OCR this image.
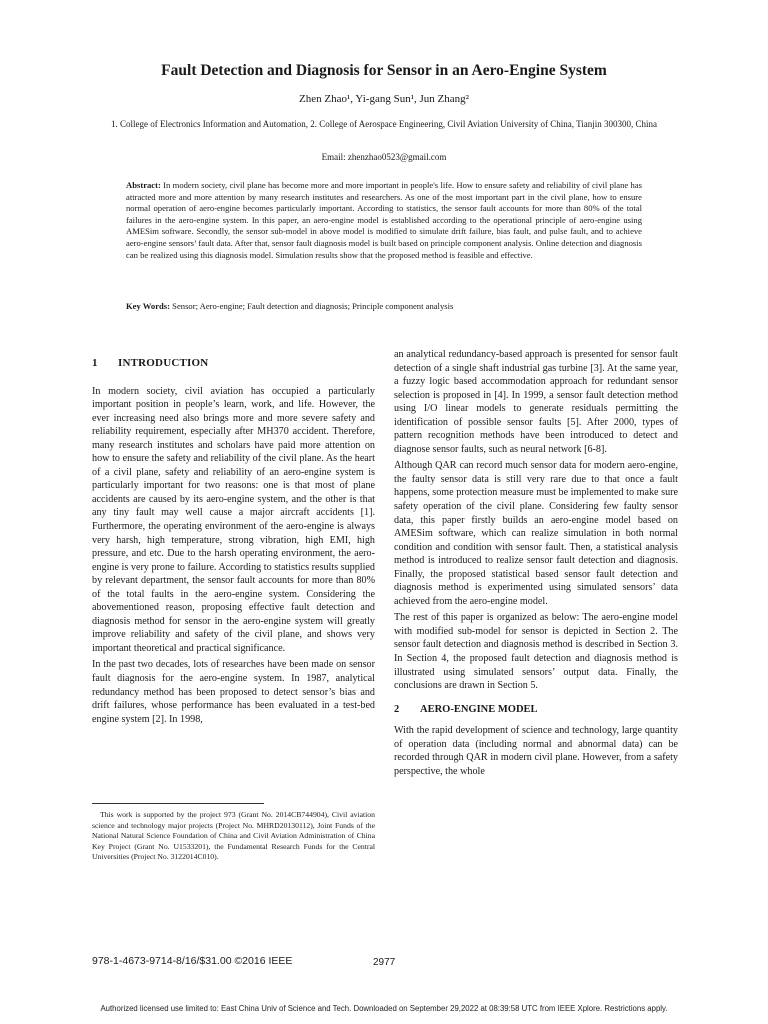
Fault Detection and Diagnosis for Sensor in an Aero-Engine System
Zhen Zhao¹, Yi-gang Sun¹, Jun Zhang²
1. College of Electronics Information and Automation, 2. College of Aerospace Engineering, Civil Aviation University of China, Tianjin 300300, China
Email: zhenzhao0523@gmail.com
Abstract: In modern society, civil plane has become more and more important in people's life. How to ensure safety and reliability of civil plane has attracted more and more attention by many research institutes and researchers. As one of the most important part in the civil plane, how to ensure normal operation of aero-engine becomes particularly important. According to statistics, the sensor fault accounts for more than 80% of the total failures in the aero-engine system. In this paper, an aero-engine model is established according to the operational principle of aero-engine using AMESim software. Secondly, the sensor sub-model in above model is modified to simulate drift failure, bias fault, and pulse fault, and to achieve aero-engine sensors’ fault data. After that, sensor fault diagnosis model is built based on principle component analysis. Online detection and diagnosis can be realized using this diagnosis model. Simulation results show that the proposed method is feasible and effective.
Key Words: Sensor; Aero-engine; Fault detection and diagnosis; Principle component analysis
1 INTRODUCTION

In modern society, civil aviation has occupied a particularly important position in people’s learn, work, and life. However, the ever increasing need also brings more and more severe safety and reliability requirement, especially after MH370 accident. Therefore, many research institutes and scholars have paid more attention on how to ensure the safety and reliability of the civil plane. As the heart of a civil plane, safety and reliability of an aero-engine system is particularly important for two reasons: one is that most of plane accidents are caused by its aero-engine system, and the other is that any tiny fault may well cause a major aircraft accidents [1]. Furthermore, the operating environment of the aero-engine is always very harsh, high temperature, strong vibration, high EMI, high pressure, and etc. Due to the harsh operating environment, the aero-engine is very prone to failure. According to statistics results supplied by relevant department, the sensor fault accounts for more than 80% of the total faults in the aero-engine system. Considering the abovementioned reason, proposing effective fault detection and diagnosis method for sensor in the aero-engine system will greatly improve reliability and safety of the civil plane, and shows very important theoretical and practical significance.

In the past two decades, lots of researches have been made on sensor fault diagnosis for the aero-engine system. In 1987, analytical redundancy method has been proposed to detect sensor’s bias and drift failures, whose performance has been evaluated in a test-bed engine system [2]. In 1998,

an analytical redundancy-based approach is presented for sensor fault detection of a single shaft industrial gas turbine [3]. At the same year, a fuzzy logic based accommodation approach for redundant sensor selection is proposed in [4]. In 1999, a sensor fault detection method using I/O linear models to generate residuals permitting the identification of possible sensor faults [5]. After 2000, types of pattern recognition methods have been introduced to detect and diagnose sensor faults, such as neural network [6-8].

Although QAR can record much sensor data for modern aero-engine, the faulty sensor data is still very rare due to that once a fault happens, some protection measure must be implemented to make sure safety operation of the civil plane. Considering few faulty sensor data, this paper firstly builds an aero-engine model based on AMESim software, which can realize simulation in both normal condition and condition with sensor fault. Then, a statistical analysis method is introduced to realize sensor fault detection and diagnosis. Finally, the proposed statistical based sensor fault detection and diagnosis method is experimented using simulated sensors’ data achieved from the aero-engine model.

The rest of this paper is organized as below: The aero-engine model with modified sub-model for sensor is depicted in Section 2. The sensor fault detection and diagnosis method is described in Section 3. In Section 4, the proposed fault detection and diagnosis method is illustrated using simulated sensors’ output data. Finally, the conclusions are drawn in Section 5.

2 AERO-ENGINE MODEL

With the rapid development of science and technology, large quantity of operation data (including normal and abnormal data) can be recorded through QAR in modern civil plane. However, from a safety perspective, the whole

This work is supported by the project 973 (Grant No. 2014CB744904), Civil aviation science and technology major projects (Project No. MHRD20130112), Joint Funds of the National Natural Science Foundation of China and Civil Aviation Administration of China Key Project (Grant No. U1533201), the Fundamental Research Funds for the Central Universities (Project No. 3122014C010).
978-1-4673-9714-8/16/$31.00 ©2016 IEEE	2977
Authorized licensed use limited to: East China Univ of Science and Tech. Downloaded on September 29,2022 at 08:39:58 UTC from IEEE Xplore. Restrictions apply.
